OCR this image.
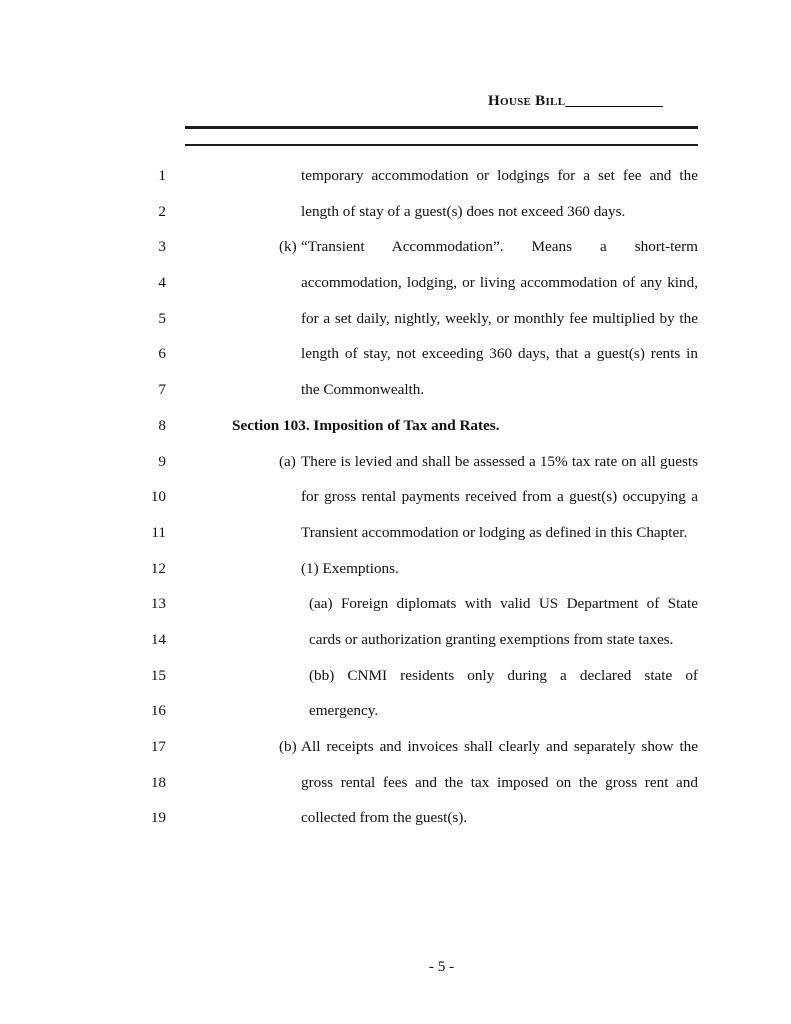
House Bill_____________
1	temporary accommodation or lodgings for a set fee and the
2	length of stay of a guest(s) does not exceed 360 days.
3	“Transient Accommodation”. Means a short-term
(k)
4	accommodation, lodging, or living accommodation of any kind,
5	for a set daily, nightly, weekly, or monthly fee multiplied by the
6	length of stay, not exceeding 360 days, that a guest(s) rents in
7	the Commonwealth.
8	Section 103. Imposition of Tax and Rates.
9	There is levied and shall be assessed a 15% tax rate on all guests
(a)
10	for gross rental payments received from a guest(s) occupying a
11	Transient accommodation or lodging as defined in this Chapter.
12	(1) Exemptions.
13	(aa) Foreign diplomats with valid US Department of State
14	cards or authorization granting exemptions from state taxes.
15	(bb) CNMI residents only during a declared state of
16	emergency.
17	All receipts and invoices shall clearly and separately show the
(b)
18	gross rental fees and the tax imposed on the gross rent and
19	collected from the guest(s).
- 5 -
